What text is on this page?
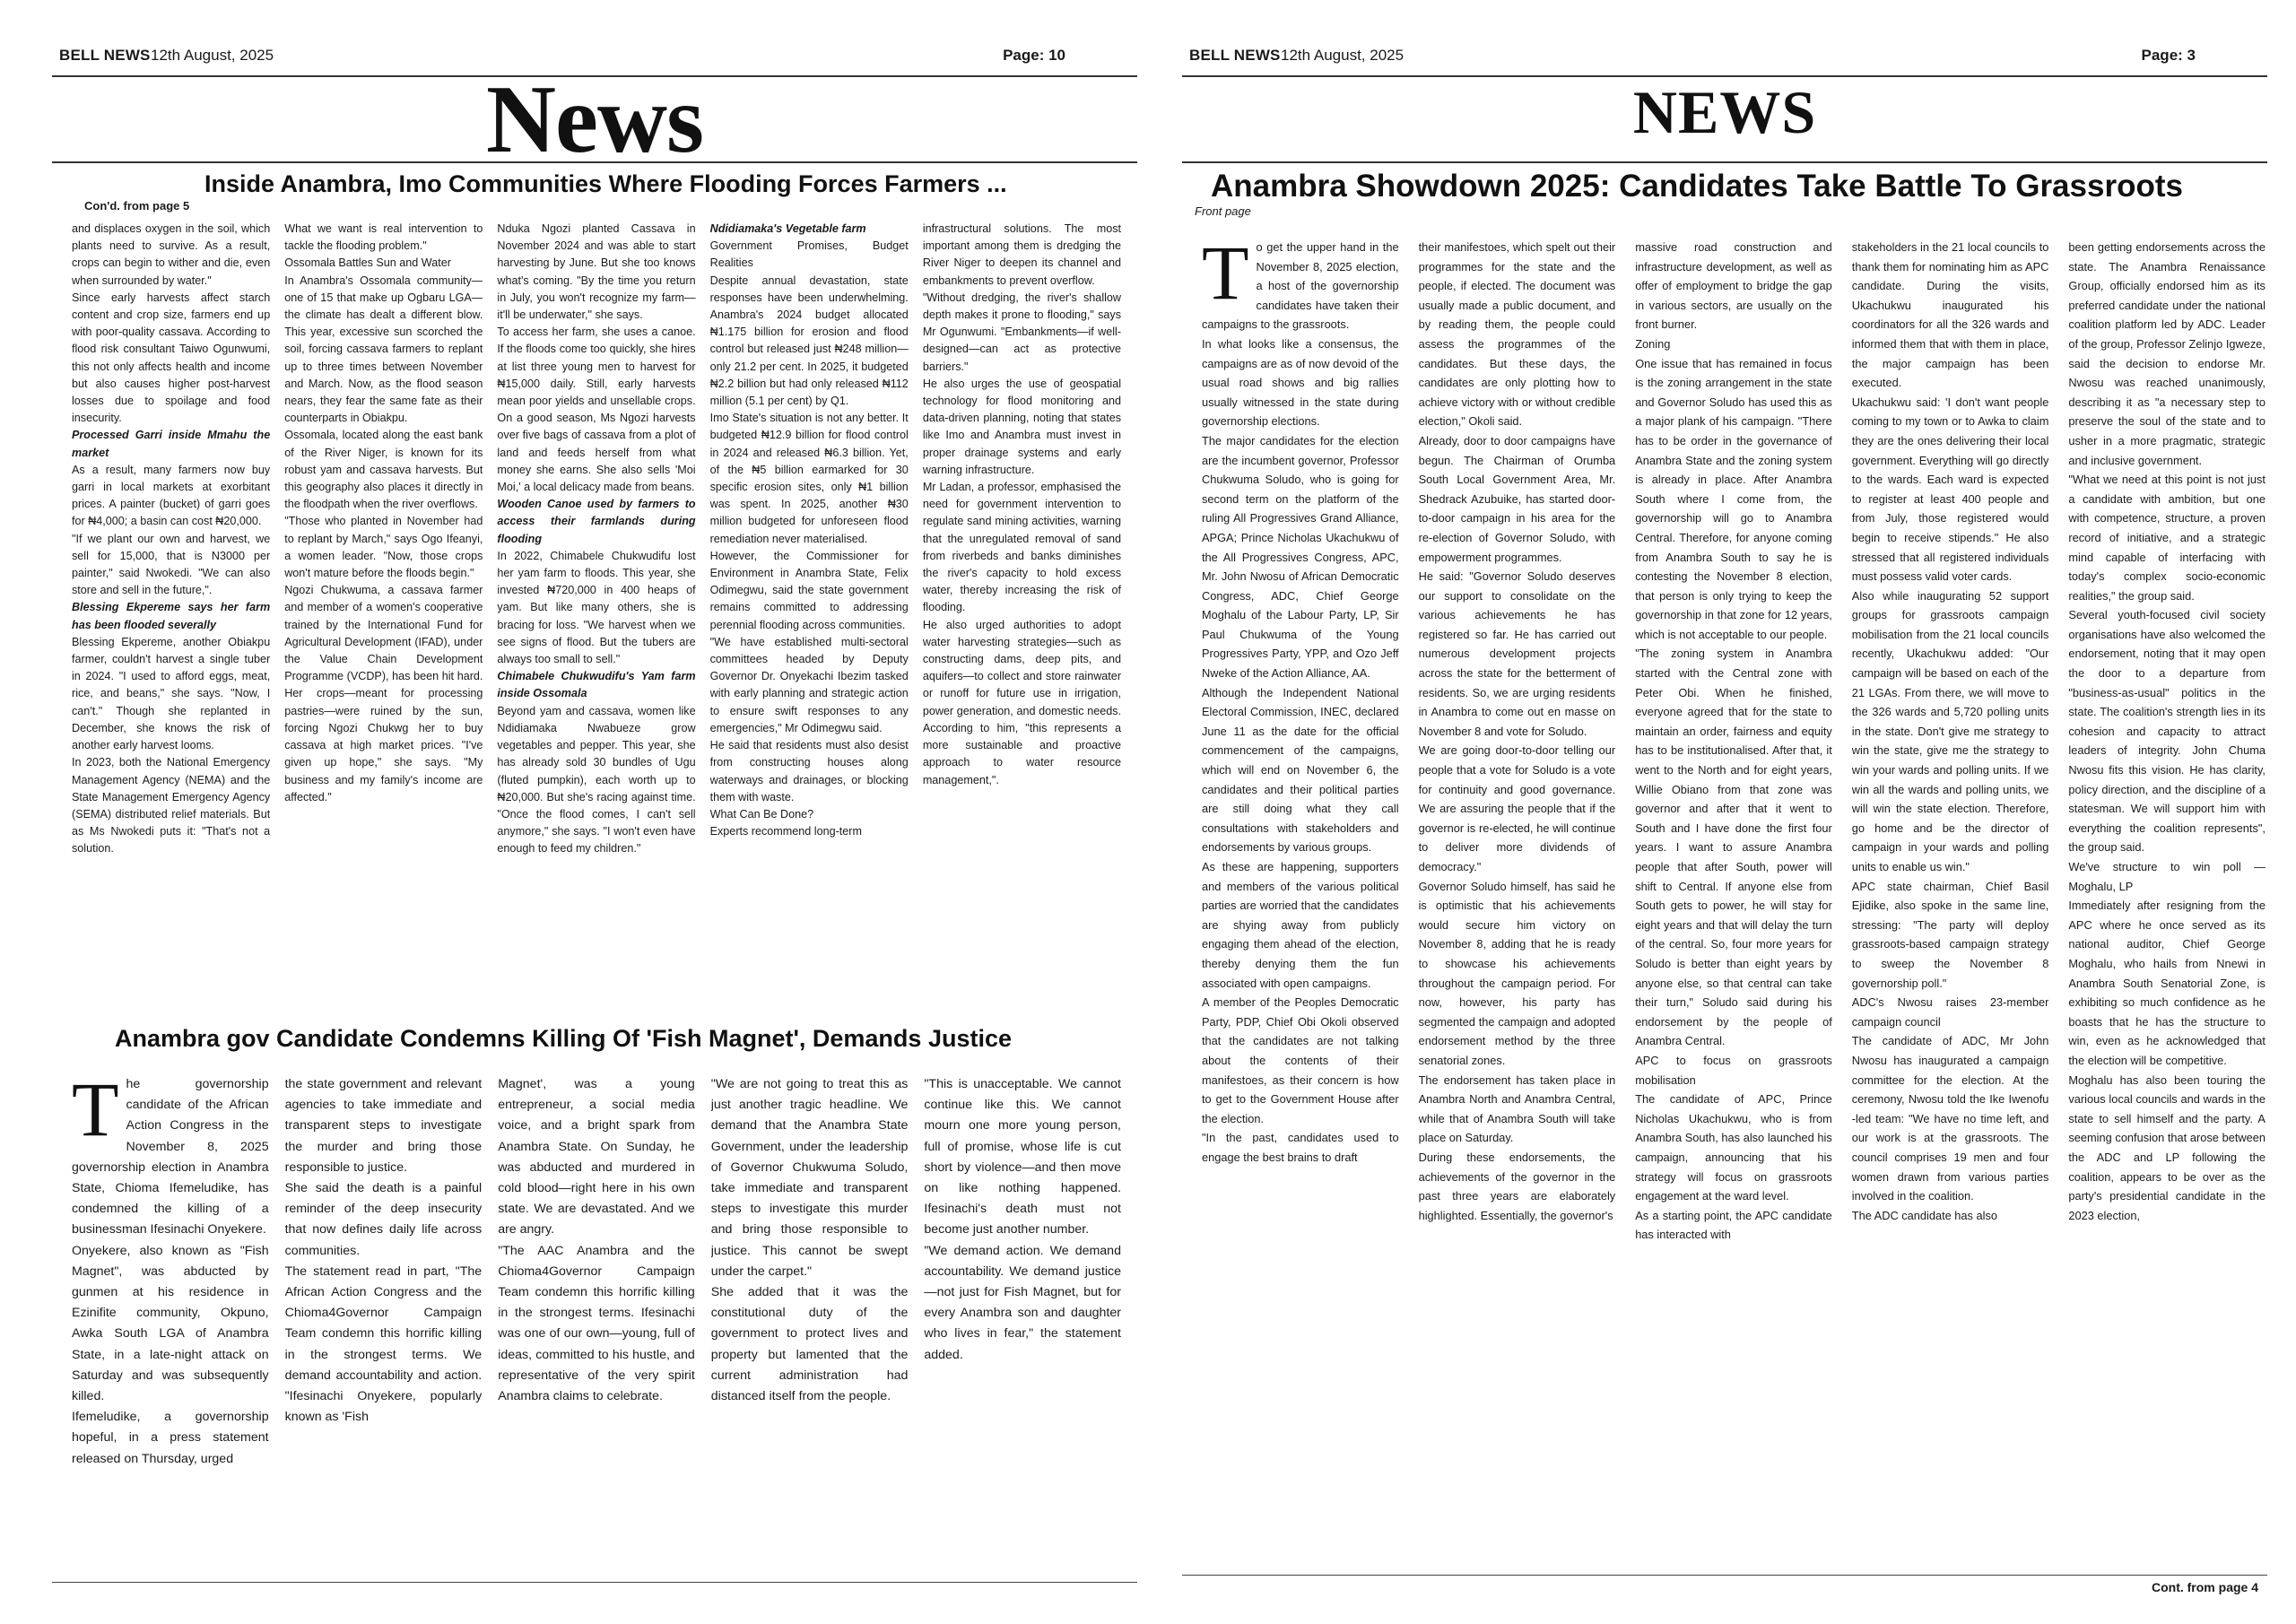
BELL NEWS 12th August, 2025	Page: 10
News
Inside Anambra, Imo Communities Where Flooding Forces Farmers ...
Con'd. from page 5

and displaces oxygen in the soil, which plants need to survive. As a result, crops can begin to wither and die, even when surrounded by water."

Since early harvests affect starch content and crop size, farmers end up with poor-quality cassava. According to flood risk consultant Taiwo Ogunwumi, this not only affects health and income but also causes higher post-harvest losses due to spoilage and food insecurity.

Processed Garri inside Mmahu the market

As a result, many farmers now buy garri in local markets at exorbitant prices. A painter (bucket) of garri goes for ₦4,000; a basin can cost ₦20,000.

"If we plant our own and harvest, we sell for 15,000, that is N3000 per painter," said Nwokedi. "We can also store and sell in the future,".

Blessing Ekpereme says her farm has been flooded severally

Blessing Ekpereme, another Obiakpu farmer, couldn't harvest a single tuber in 2024. "I used to afford eggs, meat, rice, and beans," she says. "Now, I can't." Though she replanted in December, she knows the risk of another early harvest looms.

In 2023, both the National Emergency Management Agency (NEMA) and the State Management Emergency Agency (SEMA) distributed relief materials. But as Ms Nwokedi puts it: "That's not a solution.

What we want is real intervention to tackle the flooding problem."

Ossomala Battles Sun and Water

In Anambra's Ossomala community—one of 15 that make up Ogbaru LGA—the climate has dealt a different blow. This year, excessive sun scorched the soil, forcing cassava farmers to replant up to three times between November and March. Now, as the flood season nears, they fear the same fate as their counterparts in Obiakpu.

Ossomala, located along the east bank of the River Niger, is known for its robust yam and cassava harvests. But this geography also places it directly in the floodpath when the river overflows.

"Those who planted in November had to replant by March," says Ogo Ifeanyi, a women leader. "Now, those crops won't mature before the floods begin."

Ngozi Chukwuma, a cassava farmer and member of a women's cooperative trained by the International Fund for Agricultural Development (IFAD), under the Value Chain Development Programme (VCDP), has been hit hard. Her crops—meant for processing pastries—were ruined by the sun, forcing Ngozi Chukwg her to buy cassava at high market prices. "I've given up hope," she says. "My business and my family's income are affected."

Nduka Ngozi planted Cassava in November 2024 and was able to start harvesting by June. But she too knows what's coming. "By the time you return in July, you won't recognize my farm—it'll be underwater," she says.

To access her farm, she uses a canoe. If the floods come too quickly, she hires at list three young men to harvest for ₦15,000 daily. Still, early harvests mean poor yields and unsellable crops. On a good season, Ms Ngozi harvests over five bags of cassava from a plot of land and feeds herself from what money she earns. She also sells 'Moi Moi,' a local delicacy made from beans.

Wooden Canoe used by farmers to access their farmlands during flooding

In 2022, Chimabele Chukwudifu lost her yam farm to floods. This year, she invested ₦720,000 in 400 heaps of yam. But like many others, she is bracing for loss. "We harvest when we see signs of flood. But the tubers are always too small to sell."

Chimabele Chukwudifu's Yam farm inside Ossomala

Beyond yam and cassava, women like Ndidiamaka Nwabueze grow vegetables and pepper. This year, she has already sold 30 bundles of Ugu (fluted pumpkin), each worth up to ₦20,000. But she's racing against time. "Once the flood comes, I can't sell anymore," she says. "I won't even have enough to feed my children."

Ndidiamaka's Vegetable farm

Government Promises, Budget Realities

Despite annual devastation, state responses have been underwhelming. Anambra's 2024 budget allocated ₦1.175 billion for erosion and flood control but released just ₦248 million—only 21.2 per cent. In 2025, it budgeted ₦2.2 billion but had only released ₦112 million (5.1 per cent) by Q1.

Imo State's situation is not any better. It budgeted ₦12.9 billion for flood control in 2024 and released ₦6.3 billion. Yet, of the ₦5 billion earmarked for 30 specific erosion sites, only ₦1 billion was spent. In 2025, another ₦30 million budgeted for unforeseen flood remediation never materialised.

However, the Commissioner for Environment in Anambra State, Felix Odimegwu, said the state government remains committed to addressing perennial flooding across communities.

"We have established multi-sectoral committees headed by Deputy Governor Dr. Onyekachi Ibezim tasked with early planning and strategic action to ensure swift responses to any emergencies," Mr Odimegwu said.

He said that residents must also desist from constructing houses along waterways and drainages, or blocking them with waste.

What Can Be Done?

Experts recommend long-term

infrastructural solutions. The most important among them is dredging the River Niger to deepen its channel and embankments to prevent overflow.

"Without dredging, the river's shallow depth makes it prone to flooding," says Mr Ogunwumi. "Embankments—if well-designed—can act as protective barriers."

He also urges the use of geospatial technology for flood monitoring and data-driven planning, noting that states like Imo and Anambra must invest in proper drainage systems and early warning infrastructure.

Mr Ladan, a professor, emphasised the need for government intervention to regulate sand mining activities, warning that the unregulated removal of sand from riverbeds and banks diminishes the river's capacity to hold excess water, thereby increasing the risk of flooding.

He also urged authorities to adopt water harvesting strategies—such as constructing dams, deep pits, and aquifers—to collect and store rainwater or runoff for future use in irrigation, power generation, and domestic needs. According to him, "this represents a more sustainable and proactive approach to water resource management,".

Anambra gov Candidate Condemns Killing Of 'Fish Magnet', Demands Justice
T he governorship candidate of the African Action Congress in the November 8, 2025 governorship election in Anambra State, Chioma Ifemeludike, has condemned the killing of a businessman Ifesinachi Onyekere.

Onyekere, also known as "Fish Magnet", was abducted by gunmen at his residence in Ezinifite community, Okpuno, Awka South LGA of Anambra State, in a late-night attack on Saturday and was subsequently killed.

Ifemeludike, a governorship hopeful, in a press statement released on Thursday, urged

the state government and relevant agencies to take immediate and transparent steps to investigate the murder and bring those responsible to justice.

She said the death is a painful reminder of the deep insecurity that now defines daily life across communities.

The statement read in part, "The African Action Congress and the Chioma4Governor Campaign Team condemn this horrific killing in the strongest terms. We demand accountability and action. "Ifesinachi Onyekere, popularly known as 'Fish

Magnet', was a young entrepreneur, a social media voice, and a bright spark from Anambra State. On Sunday, he was abducted and murdered in cold blood—right here in his own state. We are devastated. And we are angry.

"The AAC Anambra and the Chioma4Governor Campaign Team condemn this horrific killing in the strongest terms. Ifesinachi was one of our own—young, full of ideas, committed to his hustle, and representative of the very spirit Anambra claims to celebrate.

"We are not going to treat this as just another tragic headline. We demand that the Anambra State Government, under the leadership of Governor Chukwuma Soludo, take immediate and transparent steps to investigate this murder and bring those responsible to justice. This cannot be swept under the carpet."

She added that it was the constitutional duty of the government to protect lives and property but lamented that the current administration had distanced itself from the people.

"This is unacceptable. We cannot continue like this. We cannot mourn one more young person, full of promise, whose life is cut short by violence—and then move on like nothing happened. Ifesinachi's death must not become just another number.

"We demand action. We demand accountability. We demand justice—not just for Fish Magnet, but for every Anambra son and daughter who lives in fear," the statement added.

BELL NEWS 12th August, 2025	Page: 3
NEWS
Anambra Showdown 2025: Candidates Take Battle To Grassroots
Front page
T o get the upper hand in the November 8, 2025 election, a host of the governorship candidates have taken their campaigns to the grassroots.

In what looks like a consensus, the campaigns are as of now devoid of the usual road shows and big rallies usually witnessed in the state during governorship elections.

The major candidates for the election are the incumbent governor, Professor Chukwuma Soludo, who is going for second term on the platform of the ruling All Progressives Grand Alliance, APGA; Prince Nicholas Ukachukwu of the All Progressives Congress, APC, Mr. John Nwosu of African Democratic Congress, ADC, Chief George Moghalu of the Labour Party, LP, Sir Paul Chukwuma of the Young Progressives Party, YPP, and Ozo Jeff Nweke of the Action Alliance, AA.

Although the Independent National Electoral Commission, INEC, declared June 11 as the date for the official commencement of the campaigns, which will end on November 6, the candidates and their political parties are still doing what they call consultations with stakeholders and endorsements by various groups.

As these are happening, supporters and members of the various political parties are worried that the candidates are shying away from publicly engaging them ahead of the election, thereby denying them the fun associated with open campaigns.

A member of the Peoples Democratic Party, PDP, Chief Obi Okoli observed that the candidates are not talking about the contents of their manifestoes, as their concern is how to get to the Government House after the election.

"In the past, candidates used to engage the best brains to draft

their manifestoes, which spelt out their programmes for the state and the people, if elected. The document was usually made a public document, and by reading them, the people could assess the programmes of the candidates. But these days, the candidates are only plotting how to achieve victory with or without credible election," Okoli said.

Already, door to door campaigns have begun. The Chairman of Orumba South Local Government Area, Mr. Shedrack Azubuike, has started door-to-door campaign in his area for the re-election of Governor Soludo, with empowerment programmes.

He said: "Governor Soludo deserves our support to consolidate on the various achievements he has registered so far. He has carried out numerous development projects across the state for the betterment of residents. So, we are urging residents in Anambra to come out en masse on November 8 and vote for Soludo.

We are going door-to-door telling our people that a vote for Soludo is a vote for continuity and good governance. We are assuring the people that if the governor is re-elected, he will continue to deliver more dividends of democracy."

Governor Soludo himself, has said he is optimistic that his achievements would secure him victory on November 8, adding that he is ready to showcase his achievements throughout the campaign period. For now, however, his party has segmented the campaign and adopted endorsement method by the three senatorial zones.

The endorsement has taken place in Anambra North and Anambra Central, while that of Anambra South will take place on Saturday.

During these endorsements, the achievements of the governor in the past three years are elaborately highlighted. Essentially, the governor's

massive road construction and infrastructure development, as well as offer of employment to bridge the gap in various sectors, are usually on the front burner.

Zoning

One issue that has remained in focus is the zoning arrangement in the state and Governor Soludo has used this as a major plank of his campaign. "There has to be order in the governance of Anambra State and the zoning system is already in place. After Anambra South where I come from, the governorship will go to Anambra Central. Therefore, for anyone coming from Anambra South to say he is contesting the November 8 election, that person is only trying to keep the governorship in that zone for 12 years, which is not acceptable to our people.

"The zoning system in Anambra started with the Central zone with Peter Obi. When he finished, everyone agreed that for the state to maintain an order, fairness and equity has to be institutionalised. After that, it went to the North and for eight years, Willie Obiano from that zone was governor and after that it went to South and I have done the first four years. I want to assure Anambra people that after South, power will shift to Central. If anyone else from South gets to power, he will stay for eight years and that will delay the turn of the central. So, four more years for Soludo is better than eight years by anyone else, so that central can take their turn," Soludo said during his endorsement by the people of Anambra Central.

APC to focus on grassroots mobilisation

The candidate of APC, Prince Nicholas Ukachukwu, who is from Anambra South, has also launched his campaign, announcing that his strategy will focus on grassroots engagement at the ward level.

As a starting point, the APC candidate has interacted with

stakeholders in the 21 local councils to thank them for nominating him as APC candidate. During the visits, Ukachukwu inaugurated his coordinators for all the 326 wards and informed them that with them in place, the major campaign has been executed.

Ukachukwu said: 'I don't want people coming to my town or to Awka to claim they are the ones delivering their local government. Everything will go directly to the wards. Each ward is expected to register at least 400 people and from July, those registered would begin to receive stipends." He also stressed that all registered individuals must possess valid voter cards.

Also while inaugurating 52 support groups for grassroots campaign mobilisation from the 21 local councils recently, Ukachukwu added: "Our campaign will be based on each of the 21 LGAs. From there, we will move to the 326 wards and 5,720 polling units in the state. Don't give me strategy to win the state, give me the strategy to win your wards and polling units. If we win all the wards and polling units, we will win the state election. Therefore, go home and be the director of campaign in your wards and polling units to enable us win."

APC state chairman, Chief Basil Ejidike, also spoke in the same line, stressing: "The party will deploy grassroots-based campaign strategy to sweep the November 8 governorship poll."

ADC's Nwosu raises 23-member campaign council

The candidate of ADC, Mr John Nwosu has inaugurated a campaign committee for the election. At the ceremony, Nwosu told the Ike Iwenofu -led team: "We have no time left, and our work is at the grassroots. The council comprises 19 men and four women drawn from various parties involved in the coalition.

The ADC candidate has also

been getting endorsements across the state. The Anambra Renaissance Group, officially endorsed him as its preferred candidate under the national coalition platform led by ADC. Leader of the group, Professor Zelinjo Igweze, said the decision to endorse Mr. Nwosu was reached unanimously, describing it as "a necessary step to preserve the soul of the state and to usher in a more pragmatic, strategic and inclusive government.

"What we need at this point is not just a candidate with ambition, but one with competence, structure, a proven record of initiative, and a strategic mind capable of interfacing with today's complex socio-economic realities," the group said.

Several youth-focused civil society organisations have also welcomed the endorsement, noting that it may open the door to a departure from "business-as-usual" politics in the state. The coalition's strength lies in its cohesion and capacity to attract leaders of integrity. John Chuma Nwosu fits this vision. He has clarity, policy direction, and the discipline of a statesman. We will support him with everything the coalition represents", the group said.

We've structure to win poll — Moghalu, LP

Immediately after resigning from the APC where he once served as its national auditor, Chief George Moghalu, who hails from Nnewi in Anambra South Senatorial Zone, is exhibiting so much confidence as he boasts that he has the structure to win, even as he acknowledged that the election will be competitive.

Moghalu has also been touring the various local councils and wards in the state to sell himself and the party. A seeming confusion that arose between the ADC and LP following the coalition, appears to be over as the party's presidential candidate in the 2023 election,

Cont. from page 4
